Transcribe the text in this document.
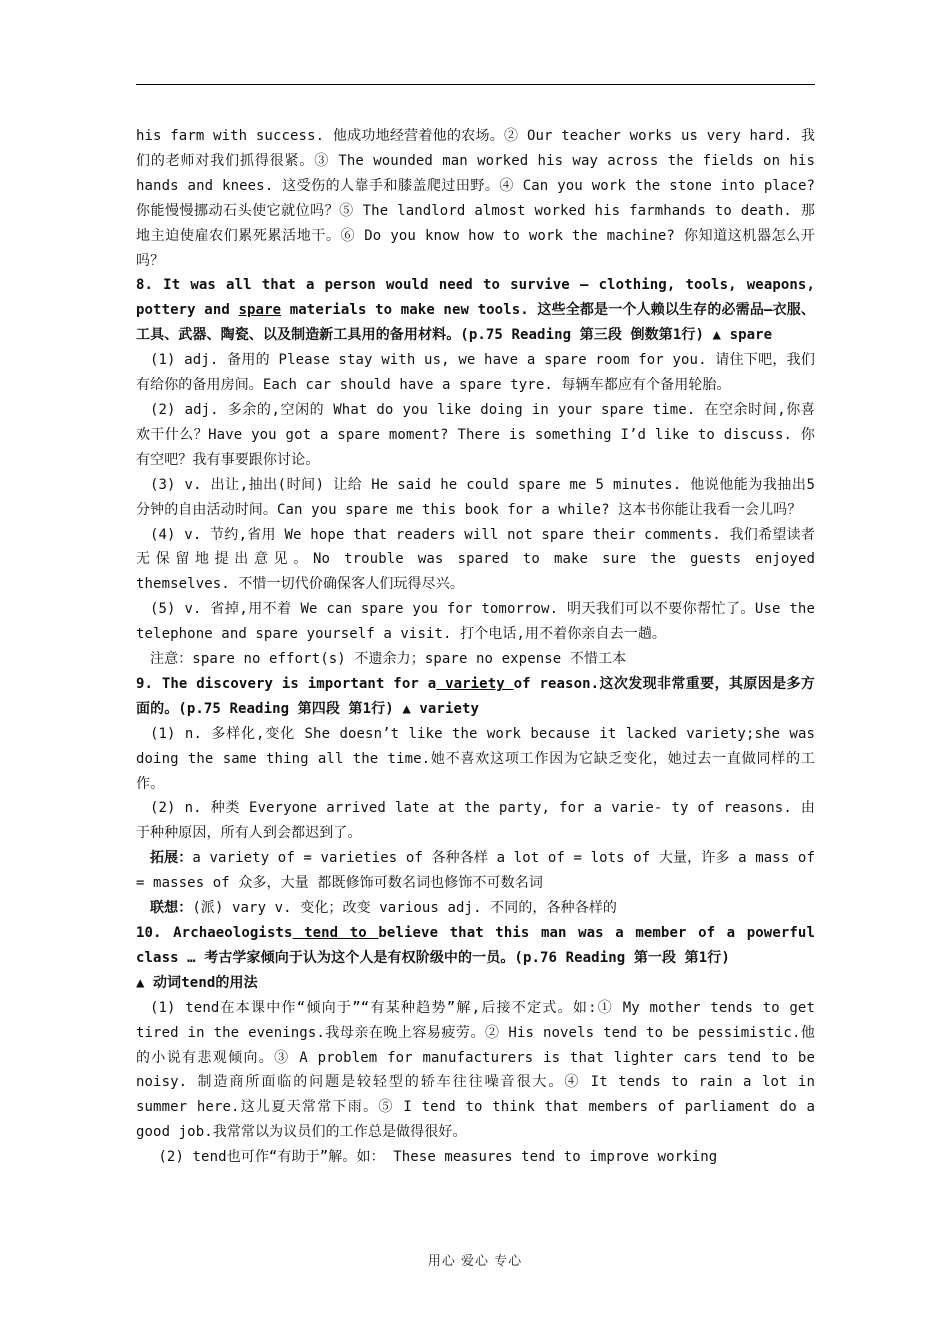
his farm with success. 他成功地经营着他的农场。② Our teacher works us very hard. 我们的老师对我们抓得很紧。③ The wounded man worked his way across the fields on his hands and knees. 这受伤的人靠手和膝盖爬过田野。④ Can you work the stone into place? 你能慢慢挪动石头使它就位吗？⑤ The landlord almost worked his farmhands to death. 那地主迫使雇农们累死累活地干。⑥ Do you know how to work the machine? 你知道这机器怎么开吗？

8. It was all that a person would need to survive – clothing, tools, weapons, pottery and spare materials to make new tools. 这些全都是一个人赖以生存的必需品—衣服、工具、武器、陶瓷、以及制造新工具用的备用材料。(p.75 Reading 第三段 倒数第1行) ▲ spare

(1) adj. 备用的 Please stay with us, we have a spare room for you. 请住下吧，我们有给你的备用房间。Each car should have a spare tyre. 每辆车都应有个备用轮胎。

(2) adj. 多余的,空闲的 What do you like doing in your spare time. 在空余时间,你喜欢干什么？Have you got a spare moment? There is something I’d like to discuss. 你有空吧？我有事要跟你讨论。

(3) v. 出让,抽出(时间) 让给 He said he could spare me 5 minutes. 他说他能为我抽出5分钟的自由活动时间。Can you spare me this book for a while? 这本书你能让我看一会儿吗？

(4) v. 节约,省用 We hope that readers will not spare their comments. 我们希望读者无保留地提出意见。No trouble was spared to make sure the guests enjoyed themselves. 不惜一切代价确保客人们玩得尽兴。

(5) v. 省掉,用不着 We can spare you for tomorrow. 明天我们可以不要你帮忙了。Use the telephone and spare yourself a visit. 打个电话,用不着你亲自去一趟。

注意：spare no effort(s) 不遗余力；spare no expense 不惜工本

9. The discovery is important for a variety of reason.这次发现非常重要，其原因是多方面的。(p.75 Reading 第四段 第1行) ▲ variety

(1) n. 多样化,变化 She doesn’t like the work because it lacked variety;she was doing the same thing all the time.她不喜欢这项工作因为它缺乏变化，她过去一直做同样的工作。

(2) n. 种类 Everyone arrived late at the party, for a varie- ty of reasons. 由于种种原因，所有人到会都迟到了。

拓展：a variety of = varieties of 各种各样 a lot of = lots of 大量，许多 a mass of = masses of 众多，大量 都既修饰可数名词也修饰不可数名词

联想：(派) vary v. 变化；改变 various adj. 不同的，各种各样的

10. Archaeologists tend to believe that this man was a member of a powerful class … 考古学家倾向于认为这个人是有权阶级中的一员。(p.76 Reading 第一段 第1行)

▲ 动词tend的用法

(1) tend在本课中作“倾向于”“有某种趋势”解,后接不定式。如:① My mother tends to get tired in the evenings.我母亲在晚上容易疲劳。② His novels tend to be pessimistic.他的小说有悲观倾向。③ A problem for manufacturers is that lighter cars tend to be noisy. 制造商所面临的问题是较轻型的轿车往往噪音很大。④ It tends to rain a lot in summer here.这儿夏天常常下雨。⑤ I tend to think that members of parliament do a good job.我常常以为议员们的工作总是做得很好。

(2) tend也可作“有助于”解。如： These measures tend to improve working

用心 爱心 专心
